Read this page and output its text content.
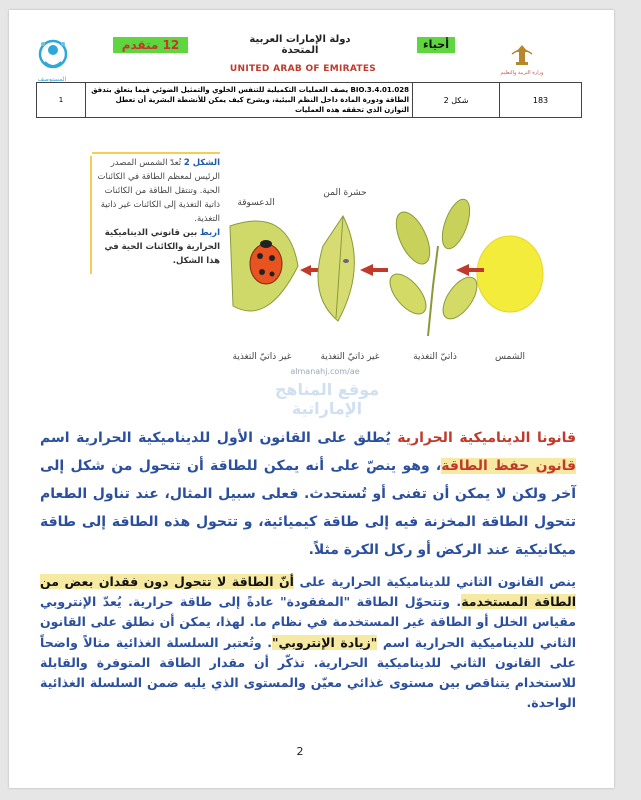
المستوصف
12 متقدم	دولة الإمارات العربية المتحدة
UNITED ARAB OF EMIRATES
أحياء
وزارة التربية والتعليم
1	BIO.3.4.01.028 يصف العمليات التكميلية للتنفس الخلوي والتمثيل الضوئي فيما يتعلق بتدفق الطاقة ودورة المادة داخل النظم البيئية، ويشرح كيف يمكن للأنشطة البشرية أن تعطل التوازن الذي تحققه هذه العمليات	شكل 2	183
الشكل 2 تُعدّ الشمس المصدر الرئيس لمعظم الطاقة في الكائنات الحية. وتنتقل الطاقة من الكائنات ذاتية التغذية إلى الكائنات غير ذاتية التغذية.
اربط بين قانوني الديناميكية الحرارية والكائنات الحية في هذا الشكل.
حشرة المن
الدعسوقة
الشمس
ذاتيّ التغذية
غير ذاتيّ التغذية
غير ذاتيّ التغذية
almanahj.com/ae
موقع المناهج الإماراتية
قانونا الديناميكية الحرارية يُطلق على القانون الأول للديناميكية الحرارية اسم قانون حفظ الطاقة، وهو ينصّ على أنه يمكن للطاقة أن تتحول من شكل إلى آخر ولكن لا يمكن أن تفنى أو تُستحدث. فعلى سبيل المثال، عند تناول الطعام تتحول الطاقة المخزنة فيه إلى طاقة كيميائية، و تتحول هذه الطاقة إلى طاقة ميكانيكية عند الركض أو ركل الكرة مثلاً.
ينص القانون الثاني للديناميكية الحرارية على أنّ الطاقة لا تتحول دون فقدان بعض من الطاقة المستخدمة. وتتحوّل الطاقة "المفقودة" عادةً إلى طاقة حرارية. يُعدّ الإنتروبي مقياس الخلل أو الطاقة غير المستخدمة في نظام ما. لهذا، يمكن أن نطلق على القانون الثاني للديناميكية الحرارية اسم "زيادة الإنتروبي". وتُعتبر السلسلة الغذائية مثالاً واضحاً على القانون الثاني للديناميكية الحرارية. تذكّر أن مقدار الطاقة المتوفرة والقابلة للاستخدام يتناقص بين مستوى غذائي معيّن والمستوى الذي يليه ضمن السلسلة الغذائية الواحدة.
2
